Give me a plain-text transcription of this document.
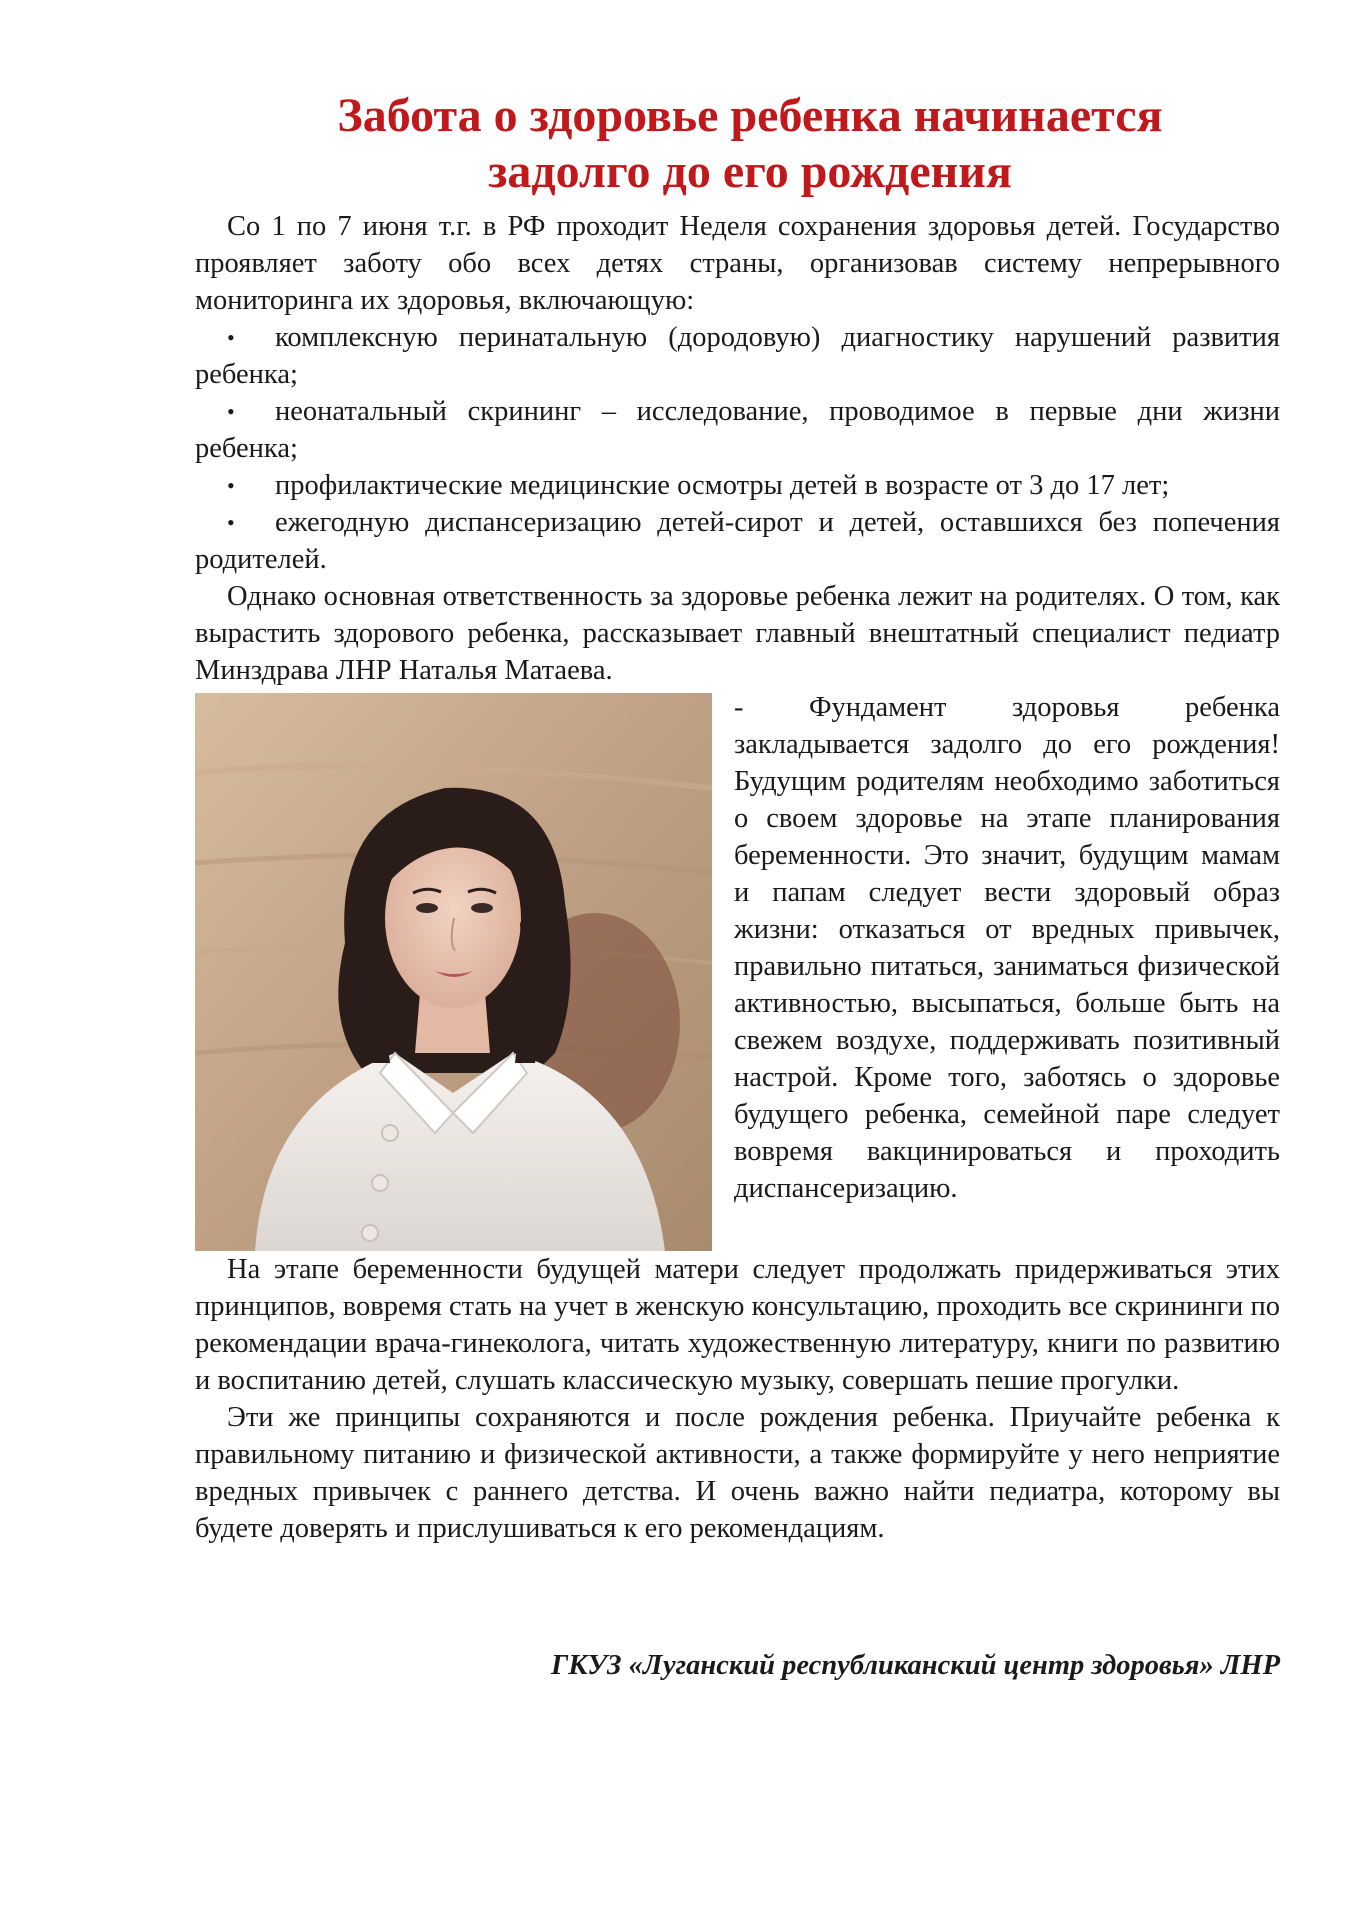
Забота о здоровье ребенка начинается
задолго до его рождения

Со 1 по 7 июня т.г. в РФ проходит Неделя сохранения здоровья детей. Государство проявляет заботу обо всех детях страны, организовав систему непрерывного мониторинга их здоровья, включающую:

• комплексную перинатальную (дородовую) диагностику нарушений развития ребенка;
• неонатальный скрининг – исследование, проводимое в первые дни жизни ребенка;
• профилактические медицинские осмотры детей в возрасте от 3 до 17 лет;
• ежегодную диспансеризацию детей-сирот и детей, оставшихся без попечения родителей.

Однако основная ответственность за здоровье ребенка лежит на родителях. О том, как вырастить здорового ребенка, рассказывает главный внештатный специалист педиатр Минздрава ЛНР Наталья Матаева.

- Фундамент здоровья ребенка закладывается задолго до его рождения! Будущим родителям необходимо заботиться о своем здоровье на этапе планирования беременности. Это значит, будущим мамам и папам следует вести здоровый образ жизни: отказаться от вредных привычек, правильно питаться, заниматься физической активностью, высыпаться, больше быть на свежем воздухе, поддерживать позитивный настрой. Кроме того, заботясь о здоровье будущего ребенка, семейной паре следует вовремя вакцинироваться и проходить диспансеризацию.

На этапе беременности будущей матери следует продолжать придерживаться этих принципов, вовремя стать на учет в женскую консультацию, проходить все скрининги по рекомендации врача-гинеколога, читать художественную литературу, книги по развитию и воспитанию детей, слушать классическую музыку, совершать пешие прогулки.

Эти же принципы сохраняются и после рождения ребенка. Приучайте ребенка к правильному питанию и физической активности, а также формируйте у него неприятие вредных привычек с раннего детства. И очень важно найти педиатра, которому вы будете доверять и прислушиваться к его рекомендациям.

ГКУЗ «Луганский республиканский центр здоровья» ЛНР
